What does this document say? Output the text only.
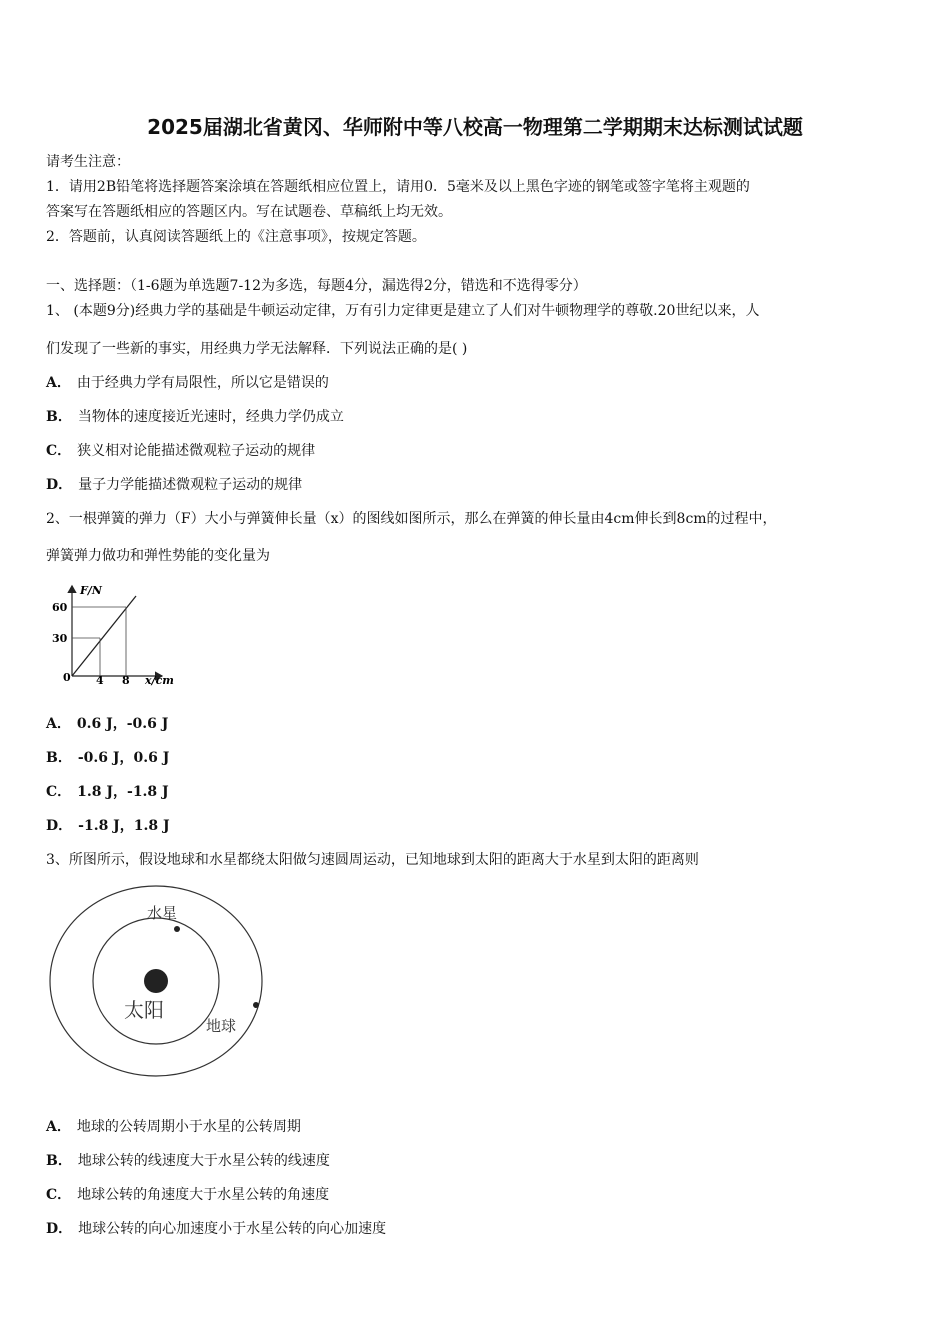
2025届湖北省黄冈、华师附中等八校高一物理第二学期期末达标测试试题
请考生注意：
1．请用2B铅笔将选择题答案涂填在答题纸相应位置上，请用0．5毫米及以上黑色字迹的钢笔或签字笔将主观题的
答案写在答题纸相应的答题区内。写在试题卷、草稿纸上均无效。
2．答题前，认真阅读答题纸上的《注意事项》，按规定答题。
一、选择题：（1-6题为单选题7-12为多选，每题4分，漏选得2分，错选和不选得零分）
1、 (本题9分)经典力学的基础是牛顿运动定律，万有引力定律更是建立了人们对牛顿物理学的尊敬.20世纪以来，人
们发现了一些新的事实，用经典力学无法解释．下列说法正确的是( )
A． 由于经典力学有局限性，所以它是错误的
B． 当物体的速度接近光速时，经典力学仍成立
C． 狭义相对论能描述微观粒子运动的规律
D． 量子力学能描述微观粒子运动的规律
2、一根弹簧的弹力（F）大小与弹簧伸长量（x）的图线如图所示，那么在弹簧的伸长量由4cm伸长到8cm的过程中，
弹簧弹力做功和弹性势能的变化量为
F/N
60
30
0 4 8 x/cm
A． 0.6 J，-0.6 J
B． -0.6 J，0.6 J
C． 1.8 J，-1.8 J
D． -1.8 J，1.8 J
3、所图所示，假设地球和水星都绕太阳做匀速圆周运动，已知地球到太阳的距离大于水星到太阳的距离则
水星
太阳
地球
A． 地球的公转周期小于水星的公转周期
B． 地球公转的线速度大于水星公转的线速度
C． 地球公转的角速度大于水星公转的角速度
D． 地球公转的向心加速度小于水星公转的向心加速度
